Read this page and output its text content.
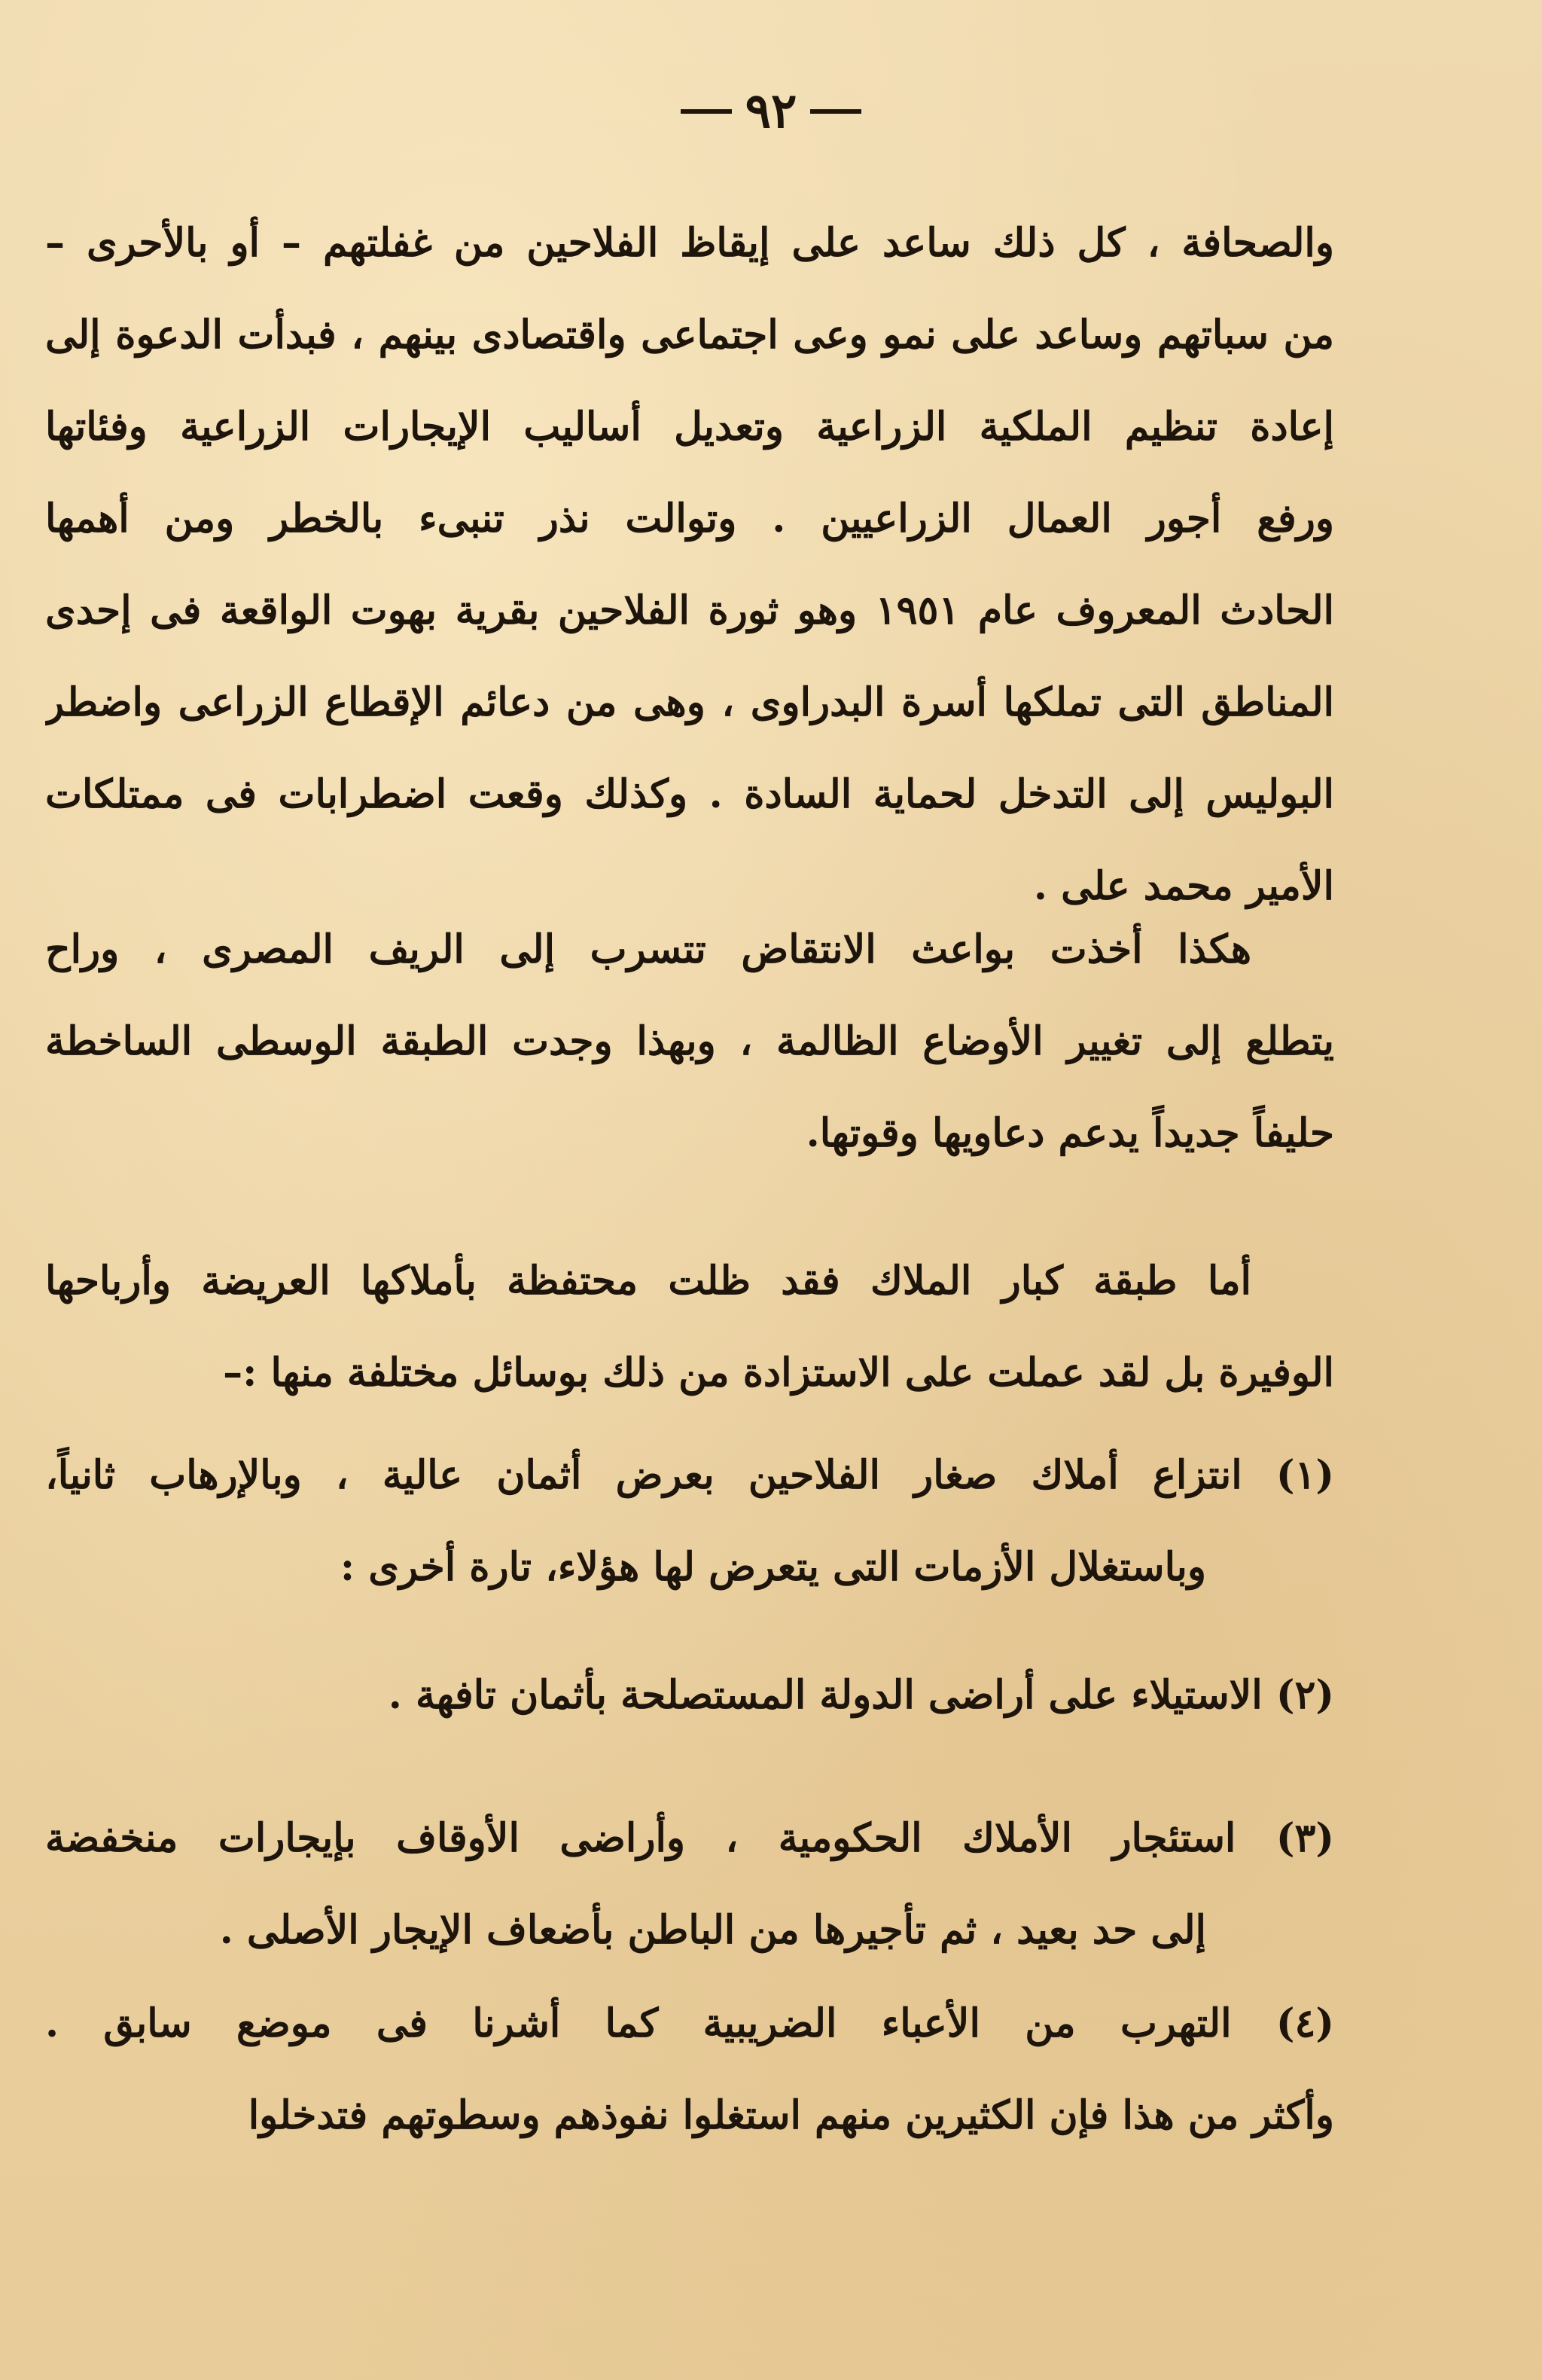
٩٢
والصحافة ، كل ذلك ساعد على إيقاظ الفلاحين من غفلتهم – أو بالأحرى –
من سباتهم وساعد على نمو وعى اجتماعى واقتصادى بينهم ، فبدأت الدعوة إلى
إعادة تنظيم الملكية الزراعية وتعديل أساليب الإيجارات الزراعية وفئاتها
ورفع أجور العمال الزراعيين . وتوالت نذر تنبىء بالخطر ومن أهمها
الحادث المعروف عام ١٩٥١ وهو ثورة الفلاحين بقرية بهوت الواقعة فى إحدى
المناطق التى تملكها أسرة البدراوى ، وهى من دعائم الإقطاع الزراعى واضطر
البوليس إلى التدخل لحماية السادة . وكذلك وقعت اضطرابات فى ممتلكات
الأمير محمد على .
هكذا أخذت بواعث الانتقاض تتسرب إلى الريف المصرى ، وراح
يتطلع إلى تغيير الأوضاع الظالمة ، وبهذا وجدت الطبقة الوسطى الساخطة
حليفاً جديداً يدعم دعاويها وقوتها.
أما طبقة كبار الملاك فقد ظلت محتفظة بأملاكها العريضة وأرباحها
الوفيرة بل لقد عملت على الاستزادة من ذلك بوسائل مختلفة منها :–
(١) انتزاع أملاك صغار الفلاحين بعرض أثمان عالية ، وبالإرهاب ثانياً،
وباستغلال الأزمات التى يتعرض لها هؤلاء، تارة أخرى :
(٢) الاستيلاء على أراضى الدولة المستصلحة بأثمان تافهة .
(٣) استئجار الأملاك الحكومية ، وأراضى الأوقاف بإيجارات منخفضة
إلى حد بعيد ، ثم تأجيرها من الباطن بأضعاف الإيجار الأصلى .
(٤) التهرب من الأعباء الضريبية كما أشرنا فى موضع سابق .
وأكثر من هذا فإن الكثيرين منهم استغلوا نفوذهم وسطوتهم فتدخلوا
